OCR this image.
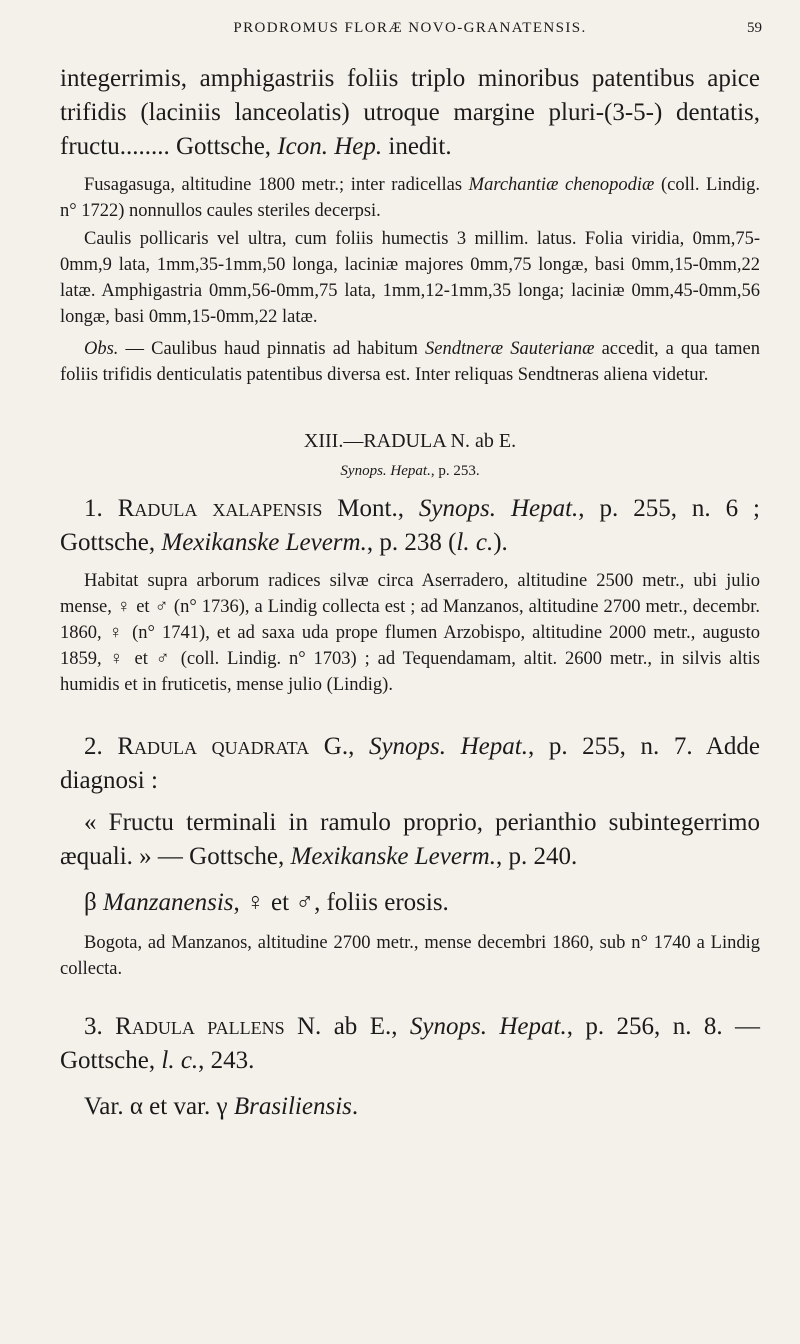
PRODROMUS FLORÆ NOVO-GRANATENSIS.	59

integerrimis, amphigastriis foliis triplo minoribus patentibus apice trifidis (laciniis lanceolatis) utroque margine pluri-(3-5-) dentatis, fructu........ Gottsche, Icon. Hep. inedit.

Fusagasuga, altitudine 1800 metr.; inter radicellas Marchantiæ chenopodiæ (coll. Lindig. n° 1722) nonnullos caules steriles decerpsi.

Caulis pollicaris vel ultra, cum foliis humectis 3 millim. latus. Folia viridia, 0mm,75-0mm,9 lata, 1mm,35-1mm,50 longa, laciniæ majores 0mm,75 longæ, basi 0mm,15-0mm,22 latæ. Amphigastria 0mm,56-0mm,75 lata, 1mm,12-1mm,35 longa; laciniæ 0mm,45-0mm,56 longæ, basi 0mm,15-0mm,22 latæ.

Obs. — Caulibus haud pinnatis ad habitum Sendtneræ Sauterianæ accedit, a qua tamen foliis trifidis denticulatis patentibus diversa est. Inter reliquas Sendtneras aliena videtur.

XIII.—RADULA N. ab E.
Synops. Hepat., p. 253.

1. Radula xalapensis Mont., Synops. Hepat., p. 255, n. 6 ; Gottsche, Mexikanske Leverm., p. 238 (l. c.).

Habitat supra arborum radices silvæ circa Aserradero, altitudine 2500 metr., ubi julio mense, ♀ et ♂ (n° 1736), a Lindig collecta est ; ad Manzanos, altitudine 2700 metr., decembr. 1860, ♀ (n° 1741), et ad saxa uda prope flumen Arzobispo, altitudine 2000 metr., augusto 1859, ♀ et ♂ (coll. Lindig. n° 1703) ; ad Tequendamam, altit. 2600 metr., in silvis altis humidis et in fruticetis, mense julio (Lindig).

2. Radula quadrata G., Synops. Hepat., p. 255, n. 7. Adde diagnosi :

« Fructu terminali in ramulo proprio, perianthio subintegerrimo æquali. » — Gottsche, Mexikanske Leverm., p. 240.

β Manzanensis, ♀ et ♂, foliis erosis.

Bogota, ad Manzanos, altitudine 2700 metr., mense decembri 1860, sub n° 1740 a Lindig collecta.

3. Radula pallens N. ab E., Synops. Hepat., p. 256, n. 8. — Gottsche, l. c., 243.

Var. α et var. γ Brasiliensis.
